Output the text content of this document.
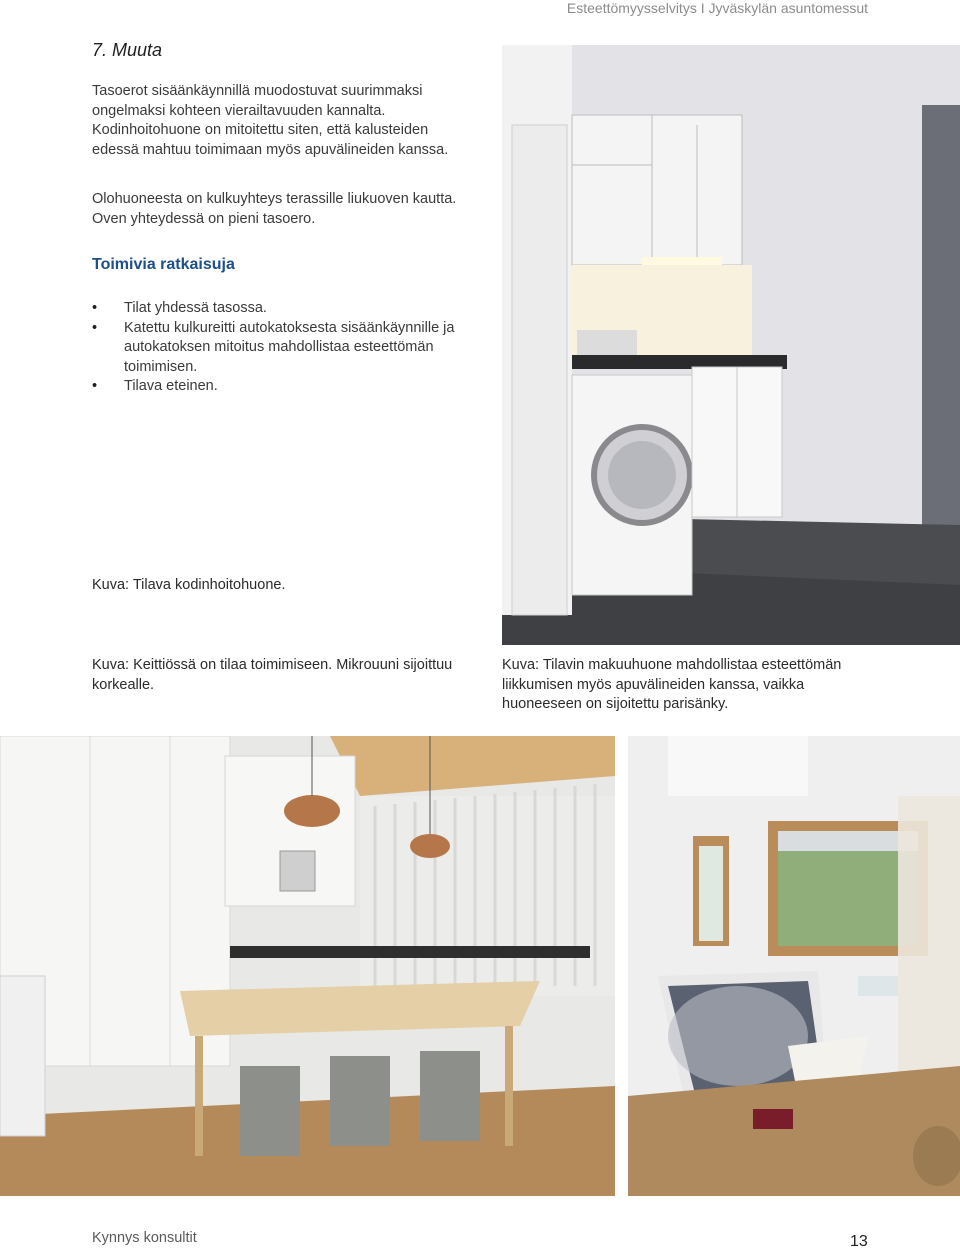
Esteettömyysselvitys I Jyväskylän asuntomessut
7. Muuta

Tasoerot sisäänkäynnillä muodostuvat suurimmaksi ongelmaksi kohteen vierailtavuuden kannalta. Kodinhoitohuone on mitoitettu siten, että kalusteiden edessä mahtuu toimimaan myös apuvälineiden kanssa.

Olohuoneesta on kulkuyhteys terassille liukuoven kautta. Oven yhteydessä on pieni tasoero.

Toimivia ratkaisuja
• Tilat yhdessä tasossa.
• Katettu kulkureitti autokatoksesta sisäänkäynnille ja autokatoksen mitoitus mahdollistaa esteettömän toimimisen.
• Tilava eteinen.
Kuva: Tilava kodinhoitohuone.
Kuva: Keittiössä on tilaa toimimiseen. Mikrouuni sijoittuu korkealle.
Kuva: Tilavin makuuhuone mahdollistaa esteettömän liikkumisen myös apuvälineiden kanssa, vaikka huoneeseen on sijoitettu parisänky.
Kynnys konsultit	13
